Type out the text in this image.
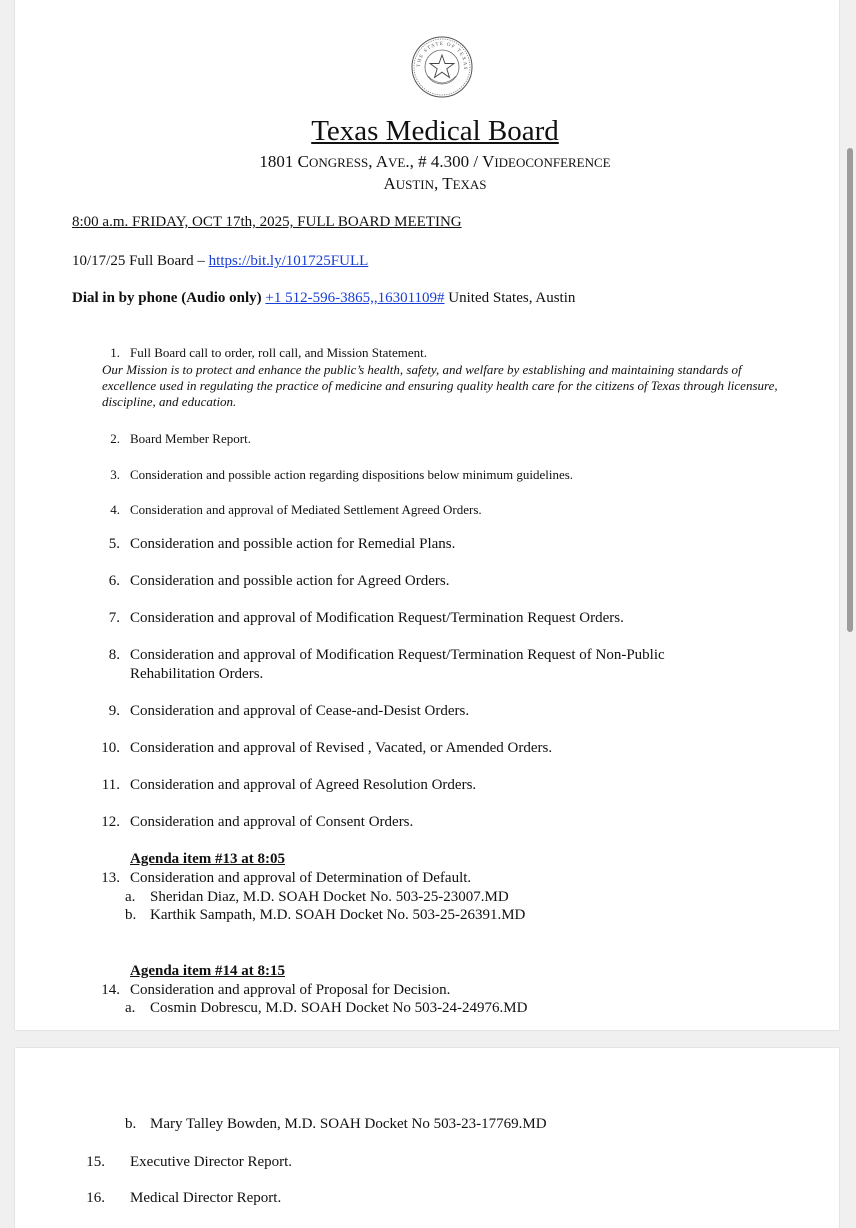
THE STATE OF TEXAS
Texas Medical Board
1801 CONGRESS, AVE., # 4.300 / VIDEOCONFERENCE
AUSTIN, TEXAS
8:00 a.m. FRIDAY, OCT 17th, 2025, FULL BOARD MEETING
10/17/25 Full Board – https://bit.ly/101725FULL
Dial in by phone (Audio only) +1 512-596-3865,,16301109# United States, Austin
1. Full Board call to order, roll call, and Mission Statement.
Our Mission is to protect and enhance the public’s health, safety, and welfare by establishing and maintaining standards of excellence used in regulating the practice of medicine and ensuring quality health care for the citizens of Texas through licensure, discipline, and education.
2. Board Member Report.
3. Consideration and possible action regarding dispositions below minimum guidelines.
4. Consideration and approval of Mediated Settlement Agreed Orders.
5. Consideration and possible action for Remedial Plans.
6. Consideration and possible action for Agreed Orders.
7. Consideration and approval of Modification Request/Termination Request Orders.
8. Consideration and approval of Modification Request/Termination Request of Non-Public
Rehabilitation Orders.
9. Consideration and approval of Cease-and-Desist Orders.
10. Consideration and approval of Revised , Vacated, or Amended Orders.
11. Consideration and approval of Agreed Resolution Orders.
12. Consideration and approval of Consent Orders.
Agenda item #13 at 8:05
13. Consideration and approval of Determination of Default.
a. Sheridan Diaz, M.D. SOAH Docket No. 503-25-23007.MD
b. Karthik Sampath, M.D. SOAH Docket No. 503-25-26391.MD
Agenda item #14 at 8:15
14. Consideration and approval of Proposal for Decision.
a. Cosmin Dobrescu, M.D. SOAH Docket No 503-24-24976.MD
b. Mary Talley Bowden, M.D. SOAH Docket No 503-23-17769.MD
15. Executive Director Report.
16. Medical Director Report.
